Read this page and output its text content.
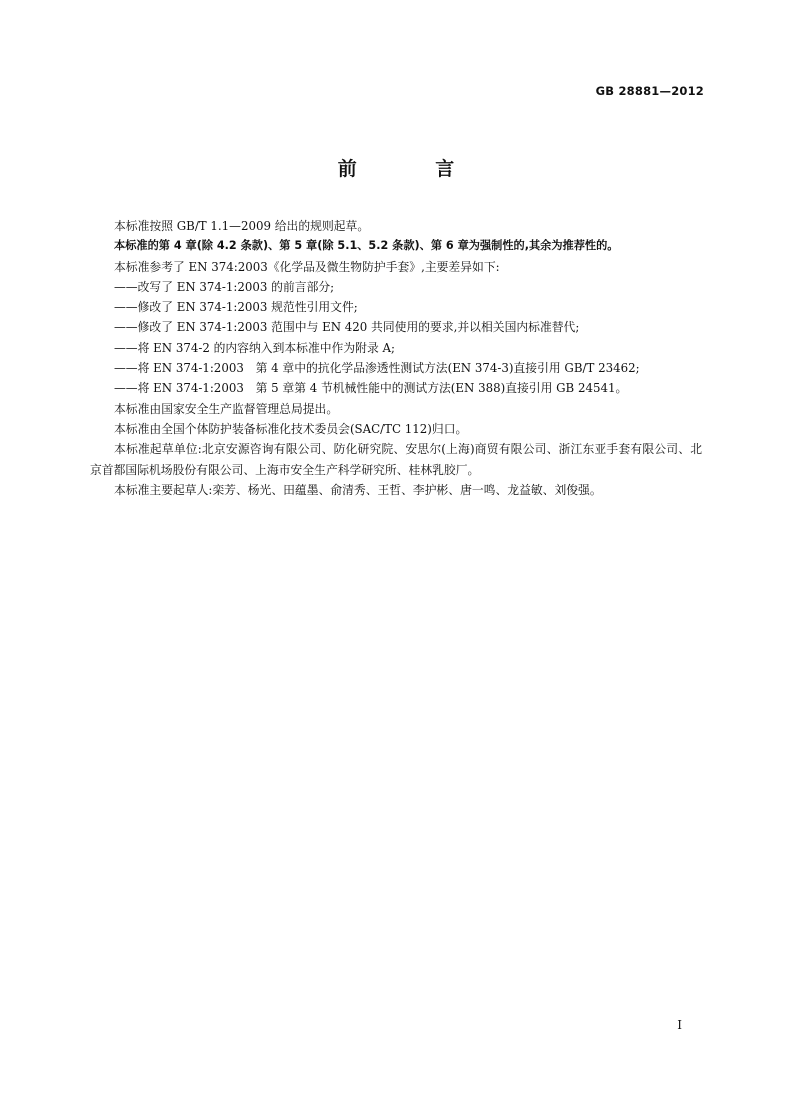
GB 28881—2012
前 言

本标准按照 GB/T 1.1—2009 给出的规则起草。

本标准的第 4 章(除 4.2 条款)、第 5 章(除 5.1、5.2 条款)、第 6 章为强制性的,其余为推荐性的。

本标准参考了 EN 374:2003《化学品及微生物防护手套》,主要差异如下:

——改写了 EN 374-1:2003 的前言部分;

——修改了 EN 374-1:2003 规范性引用文件;

——修改了 EN 374-1:2003 范围中与 EN 420 共同使用的要求,并以相关国内标准替代;

——将 EN 374-2 的内容纳入到本标准中作为附录 A;

——将 EN 374-1:2003　第 4 章中的抗化学品渗透性测试方法(EN 374-3)直接引用 GB/T 23462;

——将 EN 374-1:2003　第 5 章第 4 节机械性能中的测试方法(EN 388)直接引用 GB 24541。

本标准由国家安全生产监督管理总局提出。

本标准由全国个体防护装备标准化技术委员会(SAC/TC 112)归口。

本标准起草单位:北京安源咨询有限公司、防化研究院、安思尔(上海)商贸有限公司、浙江东亚手套有限公司、北京首都国际机场股份有限公司、上海市安全生产科学研究所、桂林乳胶厂。

本标准主要起草人:栾芳、杨光、田蕴墨、俞清秀、王哲、李护彬、唐一鸣、龙益敏、刘俊强。

I
